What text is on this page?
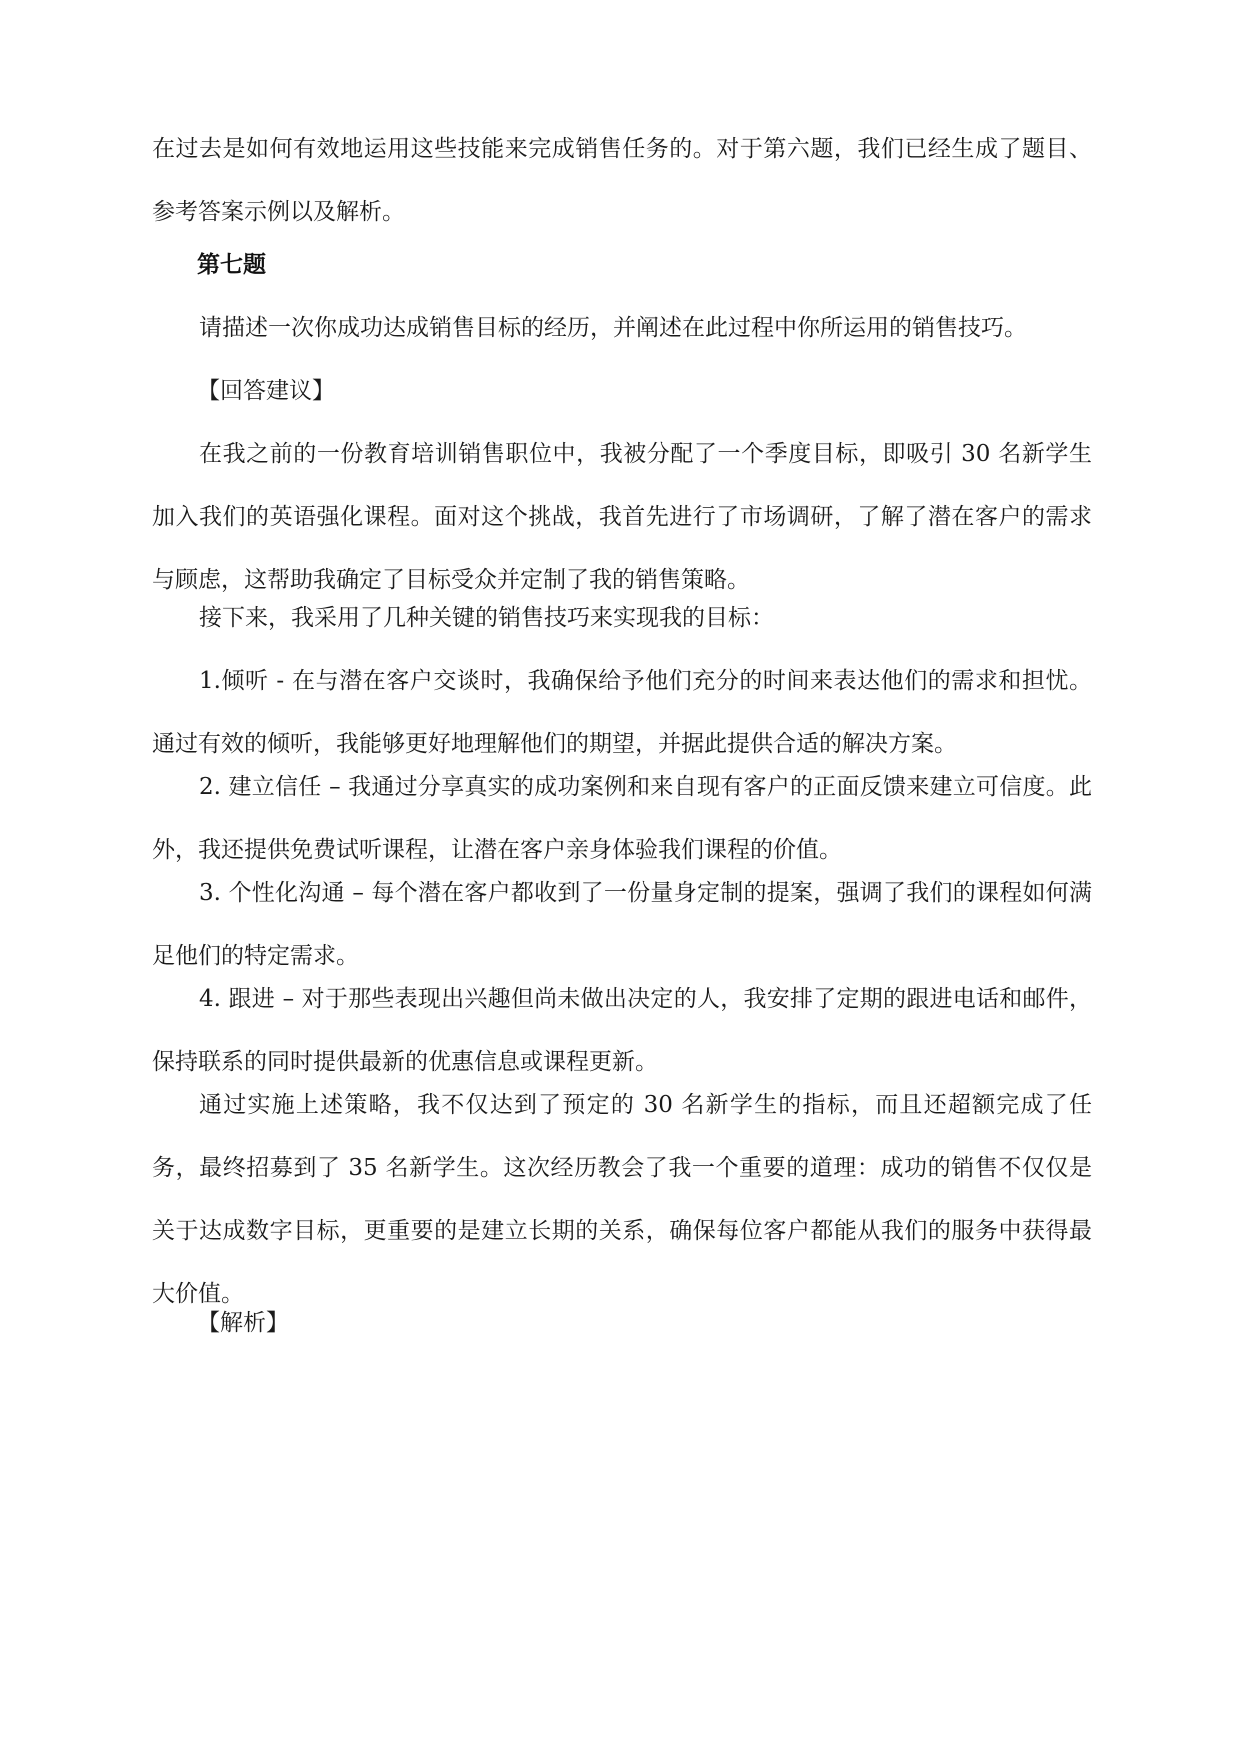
在过去是如何有效地运用这些技能来完成销售任务的。对于第六题，我们已经生成了题目、参考答案示例以及解析。

第七题

请描述一次你成功达成销售目标的经历，并阐述在此过程中你所运用的销售技巧。

【回答建议】

在我之前的一份教育培训销售职位中，我被分配了一个季度目标，即吸引 30 名新学生加入我们的英语强化课程。面对这个挑战，我首先进行了市场调研，了解了潜在客户的需求与顾虑，这帮助我确定了目标受众并定制了我的销售策略。

接下来，我采用了几种关键的销售技巧来实现我的目标：

1.倾听 - 在与潜在客户交谈时，我确保给予他们充分的时间来表达他们的需求和担忧。通过有效的倾听，我能够更好地理解他们的期望，并据此提供合适的解决方案。

2. 建立信任 – 我通过分享真实的成功案例和来自现有客户的正面反馈来建立可信度。此外，我还提供免费试听课程，让潜在客户亲身体验我们课程的价值。

3. 个性化沟通 – 每个潜在客户都收到了一份量身定制的提案，强调了我们的课程如何满足他们的特定需求。

4. 跟进 – 对于那些表现出兴趣但尚未做出决定的人，我安排了定期的跟进电话和邮件，保持联系的同时提供最新的优惠信息或课程更新。

通过实施上述策略，我不仅达到了预定的 30 名新学生的指标，而且还超额完成了任务，最终招募到了 35 名新学生。这次经历教会了我一个重要的道理：成功的销售不仅仅是关于达成数字目标，更重要的是建立长期的关系，确保每位客户都能从我们的服务中获得最大价值。

【解析】
